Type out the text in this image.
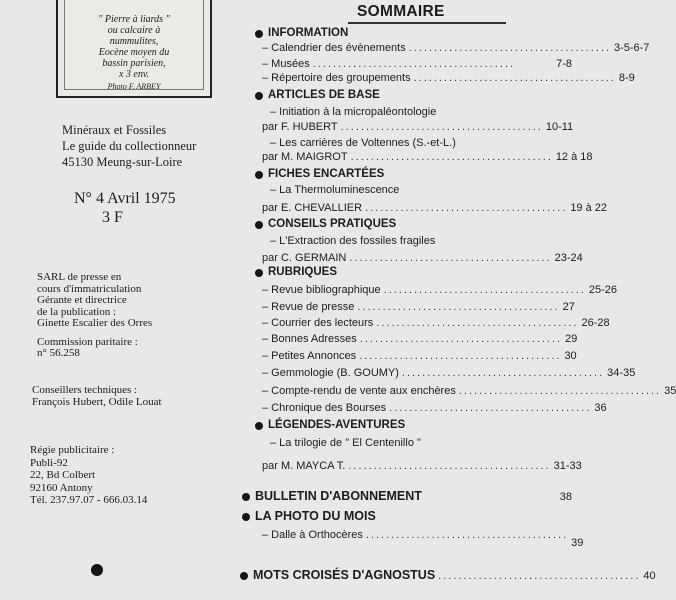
" Pierre à liards "
ou calcaire à
nummulites,
Eocène moyen du
bassin parisien,
x 3 env.
Photo F. ARBEY
Minéraux et Fossiles
Le guide du collectionneur
45130 Meung-sur-Loire
N° 4 Avril 1975
3 F
SARL de presse en
cours d'immatriculation
Gérante et directrice
de la publication :
Ginette Escalier des Orres
Commission paritaire :
n° 56.258
Conseillers techniques :
François Hubert, Odile Louat
Régie publicitaire :
Publi-92
22, Bd Colbert
92160 Antony
Tél. 237.97.07 - 666.03.14
SOMMAIRE
INFORMATION
– Calendrier des évènements ........................................ 3-5-6-7
– Musées ........................................	7-8
– Répertoire des groupements ........................................ 8-9
ARTICLES DE BASE
– Initiation à la micropaléontologie
par F. HUBERT ........................................ 10-11
– Les carrières de Voltennes (S.-et-L.)
par M. MAIGROT ........................................ 12 à 18
FICHES ENCARTÉES
– La Thermoluminescence
par E. CHEVALLIER ........................................ 19 à 22
CONSEILS PRATIQUES
– L'Extraction des fossiles fragiles
par C. GERMAIN ........................................ 23-24
RUBRIQUES
– Revue bibliographique ........................................ 25-26
– Revue de presse ........................................ 27
– Courrier des lecteurs ........................................ 26-28
– Bonnes Adresses ........................................ 29
– Petites Annonces ........................................ 30
– Gemmologie (B. GOUMY) ........................................ 34-35
– Compte-rendu de vente aux enchères ........................................ 35
– Chronique des Bourses ........................................ 36
LÉGENDES-AVENTURES
– La trilogie de " El Centenillo "
par M. MAYCA T. ........................................ 31-33
BULLETIN D'ABONNEMENT	38
LA PHOTO DU MOIS
– Dalle à Orthocères ........................................
39
MOTS CROISÉS D'AGNOSTUS ........................................ 40
